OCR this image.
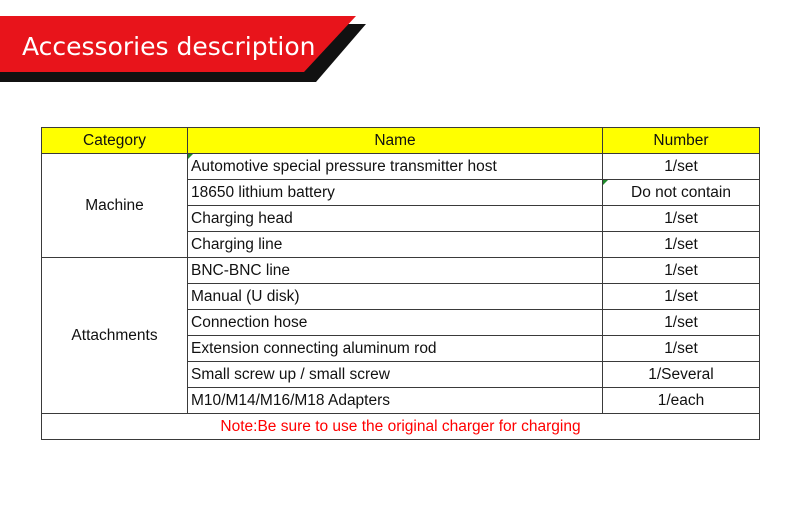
Accessories description
Category	Name	Number
Machine	Automotive special pressure transmitter host	1/set
	18650 lithium battery	Do not contain
	Charging head	1/set
	Charging line	1/set
Attachments	BNC-BNC line	1/set
	Manual (U disk)	1/set
	Connection hose	1/set
	Extension connecting aluminum rod	1/set
	Small screw up / small screw	1/Several
	M10/M14/M16/M18 Adapters	1/each
Note:Be sure to use the original charger for charging		
